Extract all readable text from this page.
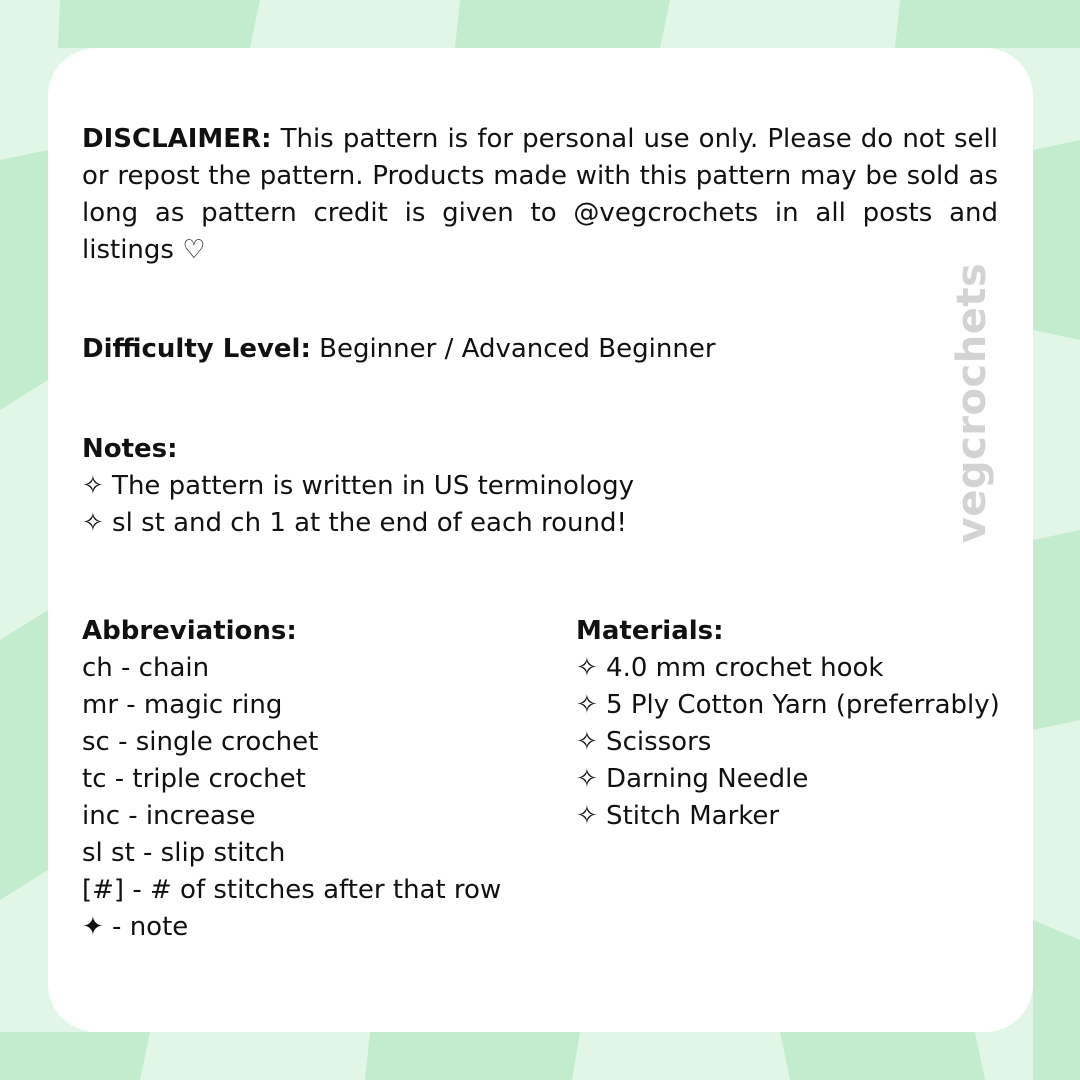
DISCLAIMER: This pattern is for personal use only. Please do not sell or repost the pattern. Products made with this pattern may be sold as long as pattern credit is given to @vegcrochets in all posts and listings ♡
Difficulty Level: Beginner / Advanced Beginner
Notes:
✧ The pattern is written in US terminology
✧ sl st and ch 1 at the end of each round!
Abbreviations:
ch - chain
mr - magic ring
sc - single crochet
tc - triple crochet
inc - increase
sl st - slip stitch
[#] - # of stitches after that row
✦ - note
Materials:
✧ 4.0 mm crochet hook
✧ 5 Ply Cotton Yarn (preferrably)
✧ Scissors
✧ Darning Needle
✧ Stitch Marker
vegcrochets
